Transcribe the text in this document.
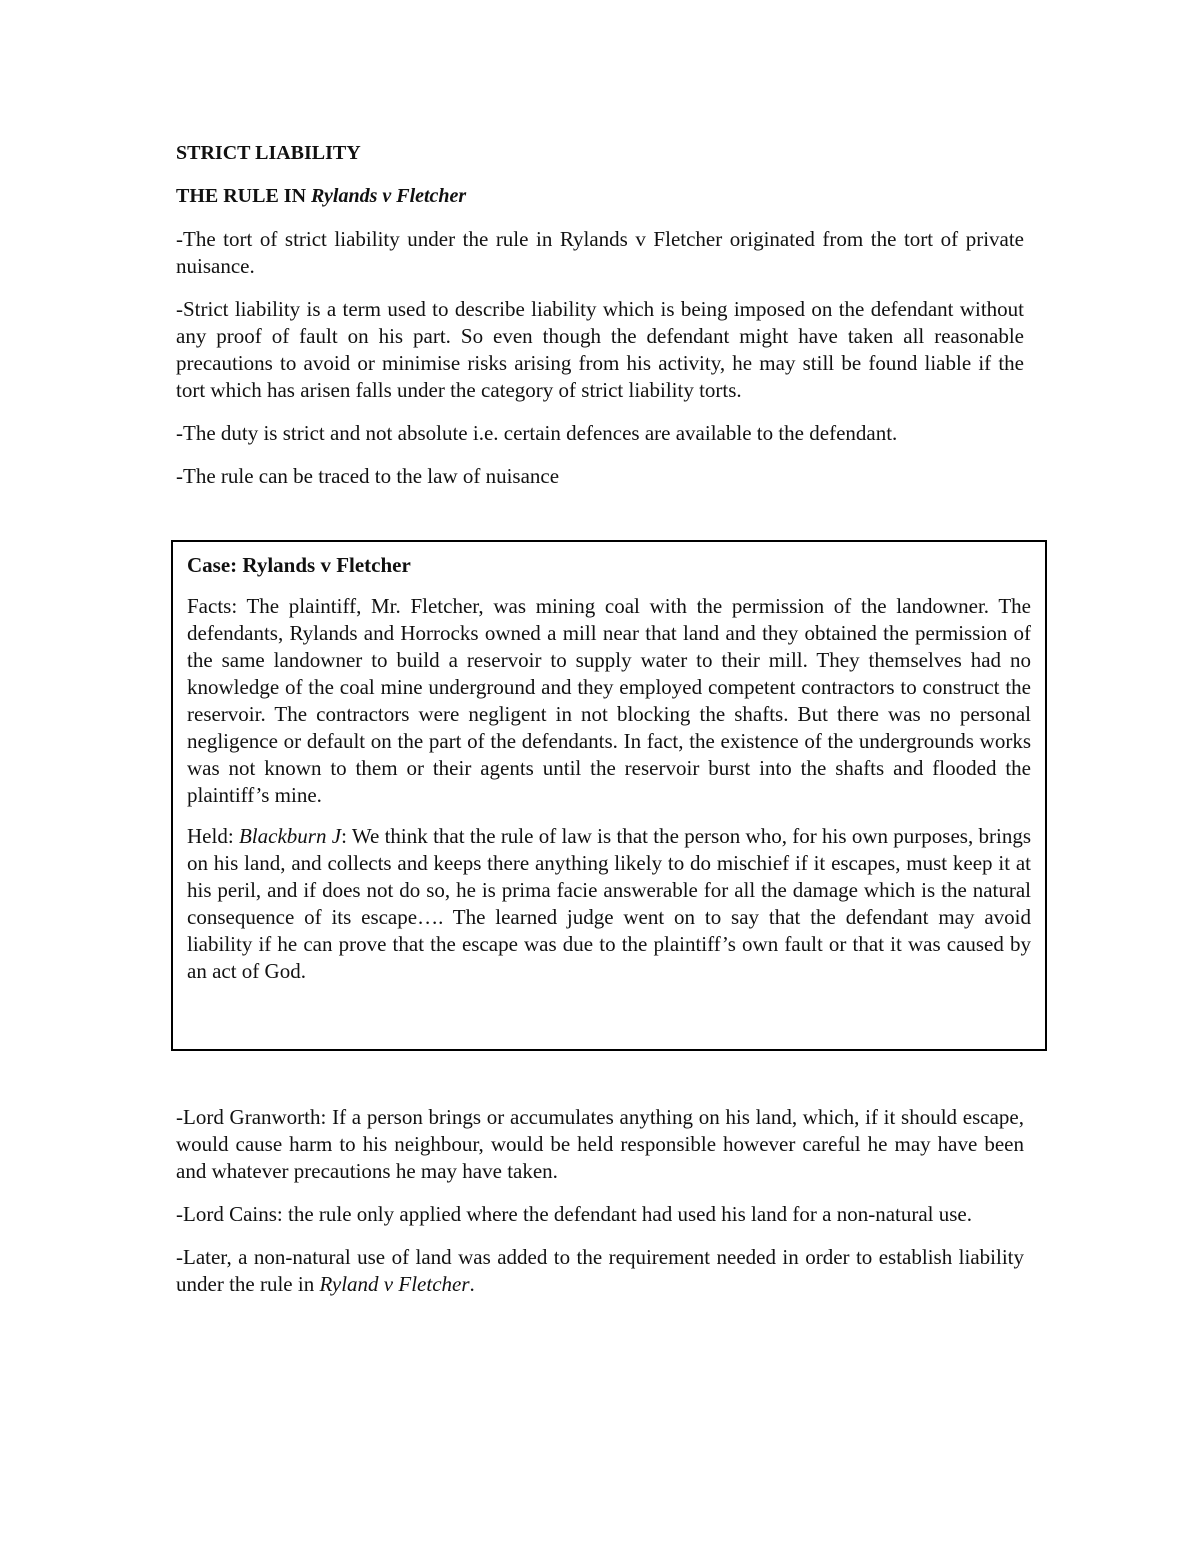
STRICT LIABILITY
THE RULE IN Rylands v Fletcher

-The tort of strict liability under the rule in Rylands v Fletcher originated from the tort of private nuisance.

-Strict liability is a term used to describe liability which is being imposed on the defendant without any proof of fault on his part. So even though the defendant might have taken all reasonable precautions to avoid or minimise risks arising from his activity, he may still be found liable if the tort which has arisen falls under the category of strict liability torts.

-The duty is strict and not absolute i.e. certain defences are available to the defendant.

-The rule can be traced to the law of nuisance

Case: Rylands v Fletcher

Facts: The plaintiff, Mr. Fletcher, was mining coal with the permission of the landowner. The defendants, Rylands and Horrocks owned a mill near that land and they obtained the permission of the same landowner to build a reservoir to supply water to their mill. They themselves had no knowledge of the coal mine underground and they employed competent contractors to construct the reservoir. The contractors were negligent in not blocking the shafts. But there was no personal negligence or default on the part of the defendants. In fact, the existence of the undergrounds works was not known to them or their agents until the reservoir burst into the shafts and flooded the plaintiff’s mine.

Held: Blackburn J: We think that the rule of law is that the person who, for his own purposes, brings on his land, and collects and keeps there anything likely to do mischief if it escapes, must keep it at his peril, and if does not do so, he is prima facie answerable for all the damage which is the natural consequence of its escape…. The learned judge went on to say that the defendant may avoid liability if he can prove that the escape was due to the plaintiff’s own fault or that it was caused by an act of God.

-Lord Granworth: If a person brings or accumulates anything on his land, which, if it should escape, would cause harm to his neighbour, would be held responsible however careful he may have been and whatever precautions he may have taken.

-Lord Cains: the rule only applied where the defendant had used his land for a non-natural use.

-Later, a non-natural use of land was added to the requirement needed in order to establish liability under the rule in Ryland v Fletcher.
